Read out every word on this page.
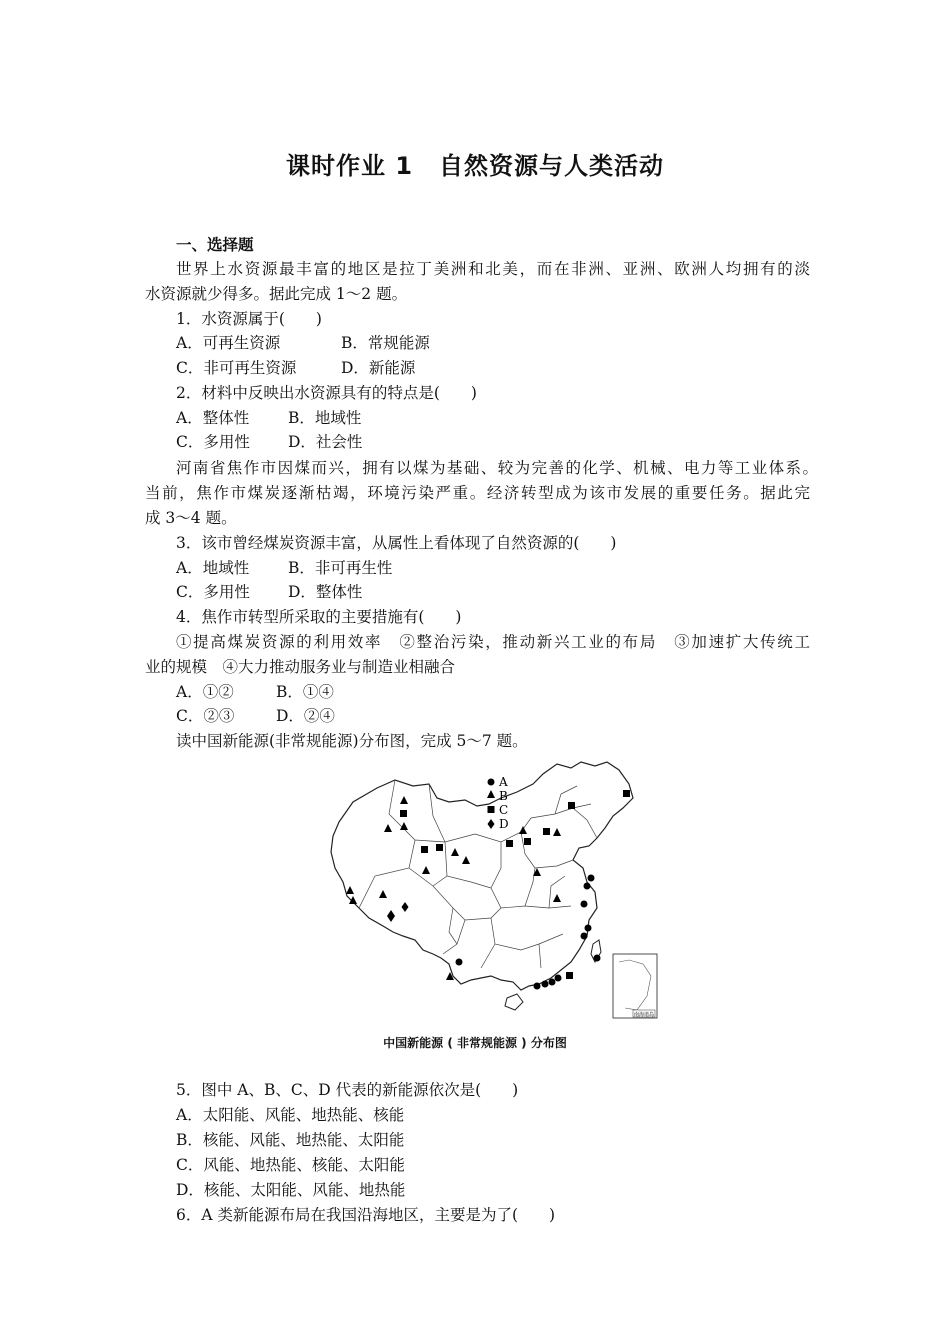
课时作业 1 自然资源与人类活动
一、选择题
世界上水资源最丰富的地区是拉丁美洲和北美，而在非洲、亚洲、欧洲人均拥有的淡
水资源就少得多。据此完成 1～2 题。
1．水资源属于(　　)
A．可再生资源	B．常规能源
C．非可再生资源	D．新能源
2．材料中反映出水资源具有的特点是(　　)
A．整体性	B．地域性
C．多用性 D．社会性
河南省焦作市因煤而兴，拥有以煤为基础、较为完善的化学、机械、电力等工业体系。
当前，焦作市煤炭逐渐枯竭，环境污染严重。经济转型成为该市发展的重要任务。据此完
成 3～4 题。
3．该市曾经煤炭资源丰富，从属性上看体现了自然资源的(　　)
A．地域性	B．非可再生性
C．多用性 D．整体性
4．焦作市转型所采取的主要措施有(　　)
①提高煤炭资源的利用效率　②整治污染，推动新兴工业的布局　③加速扩大传统工
业的规模　④大力推动服务业与制造业相融合
A．①②	B．①④
C．②③	D．②④
读中国新能源(非常规能源)分布图，完成 5～7 题。
南海诸岛
A
B
C
D
中国新能源 ( 非常规能源 ) 分布图
5．图中 A、B、C、D 代表的新能源依次是(　　)
A．太阳能、风能、地热能、核能
B．核能、风能、地热能、太阳能
C．风能、地热能、核能、太阳能
D．核能、太阳能、风能、地热能
6．A 类新能源布局在我国沿海地区，主要是为了(　　)
